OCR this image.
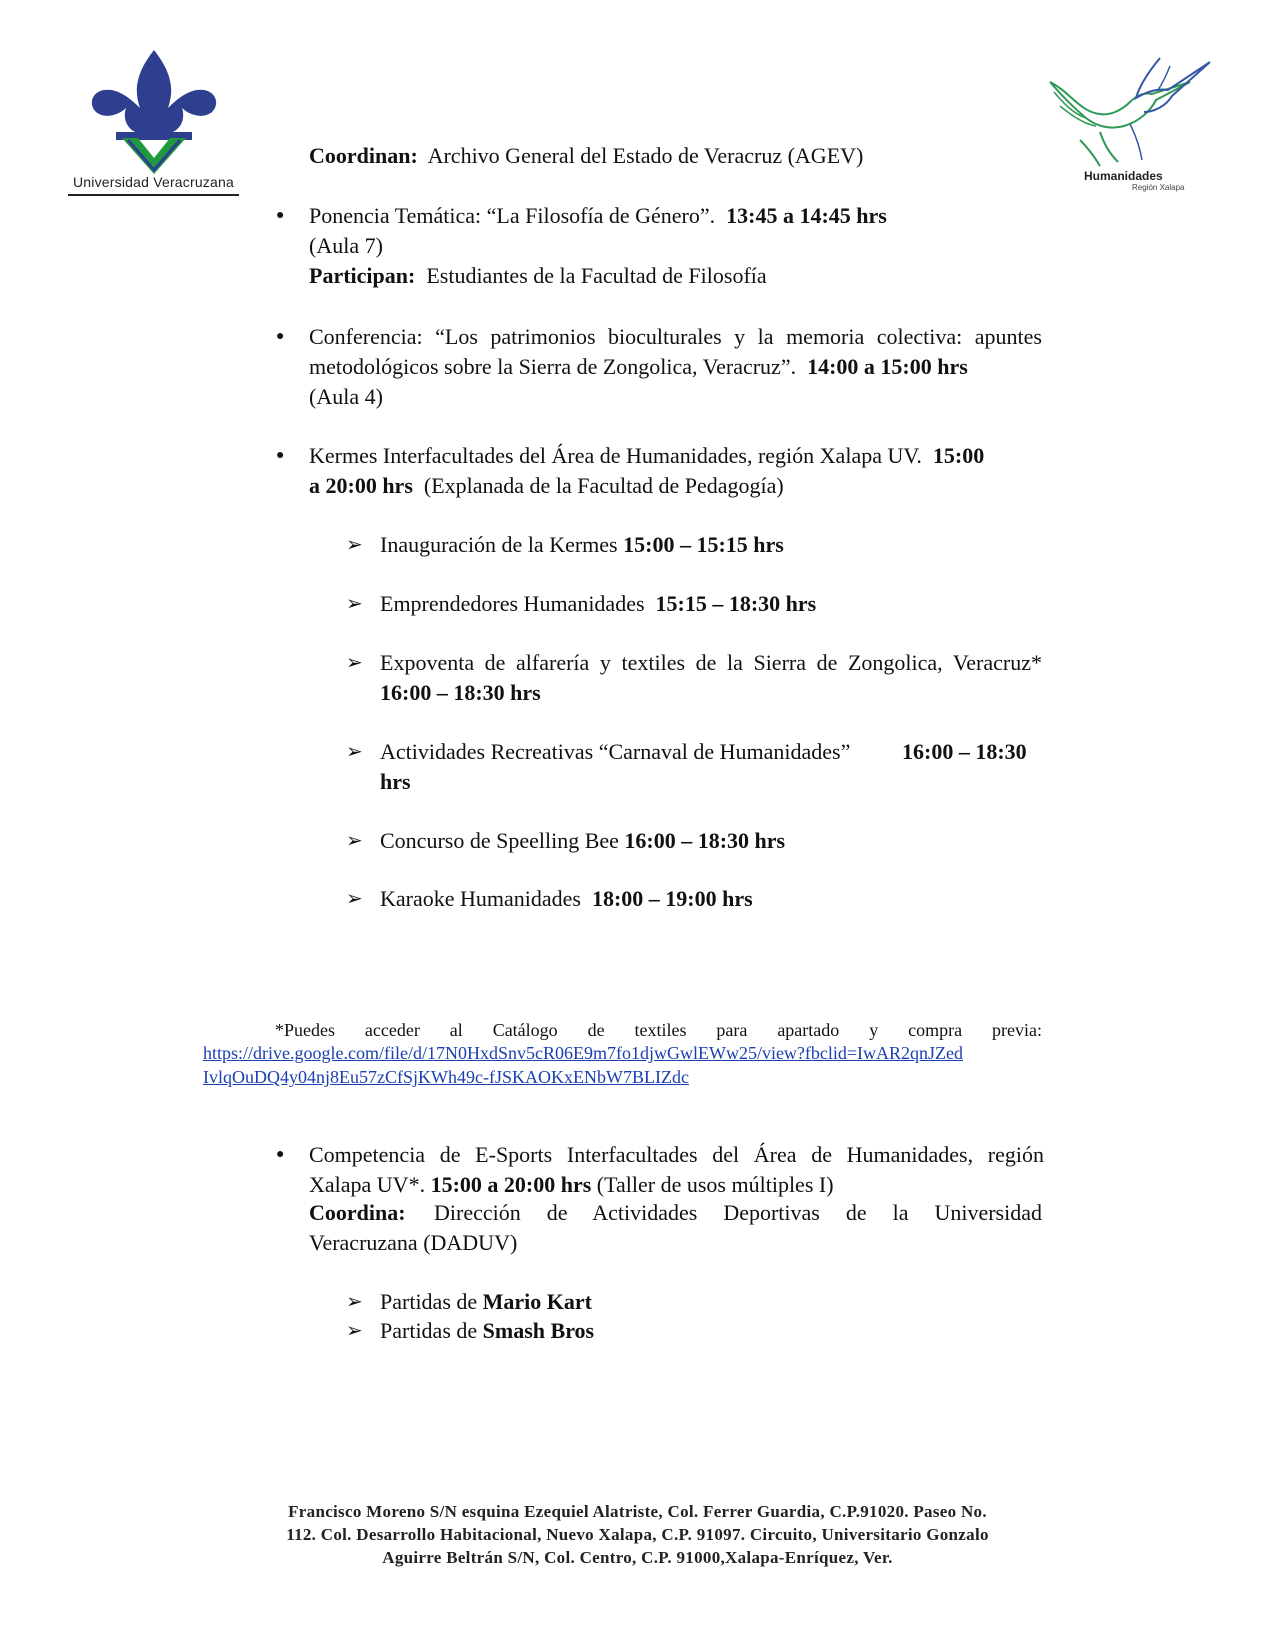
Universidad Veracruzana	Humanidades
Región Xalapa
Coordinan: Archivo General del Estado de Veracruz (AGEV)
● Ponencia Temática: “La Filosofía de Género”. 13:45 a 14:45 hrs
(Aula 7)
Participan: Estudiantes de la Facultad de Filosofía
● Conferencia: “Los patrimonios bioculturales y la memoria colectiva: apuntes
metodológicos sobre la Sierra de Zongolica, Veracruz”. 14:00 a 15:00 hrs
(Aula 4)
● Kermes Interfacultades del Área de Humanidades, región Xalapa UV. 15:00
a 20:00 hrs (Explanada de la Facultad de Pedagogía)
➢ Inauguración de la Kermes 15:00 – 15:15 hrs
➢ Emprendedores Humanidades 15:15 – 18:30 hrs
➢ Expoventa de alfarería y textiles de la Sierra de Zongolica, Veracruz*
16:00 – 18:30 hrs
➢ Actividades Recreativas “Carnaval de Humanidades” 16:00 – 18:30
hrs
➢ Concurso de Speelling Bee 16:00 – 18:30 hrs
➢ Karaoke Humanidades 18:00 – 19:00 hrs
*Puedes acceder al Catálogo de textiles para apartado y compra previa:
https://drive.google.com/file/d/17N0HxdSnv5cR06E9m7fo1djwGwlEWw25/view?fbclid=IwAR2qnJZed
IvlqOuDQ4y04nj8Eu57zCfSjKWh49c-fJSKAOKxENbW7BLIZdc
● Competencia de E-Sports Interfacultades del Área de Humanidades, región
Xalapa UV*. 15:00 a 20:00 hrs (Taller de usos múltiples I)
Coordina: Dirección de Actividades Deportivas de la Universidad
Veracruzana (DADUV)
➢ Partidas de Mario Kart
➢ Partidas de Smash Bros
Francisco Moreno S/N esquina Ezequiel Alatriste, Col. Ferrer Guardia, C.P.91020. Paseo No.
112. Col. Desarrollo Habitacional, Nuevo Xalapa, C.P. 91097. Circuito, Universitario Gonzalo
Aguirre Beltrán S/N, Col. Centro, C.P. 91000,Xalapa-Enríquez, Ver.
